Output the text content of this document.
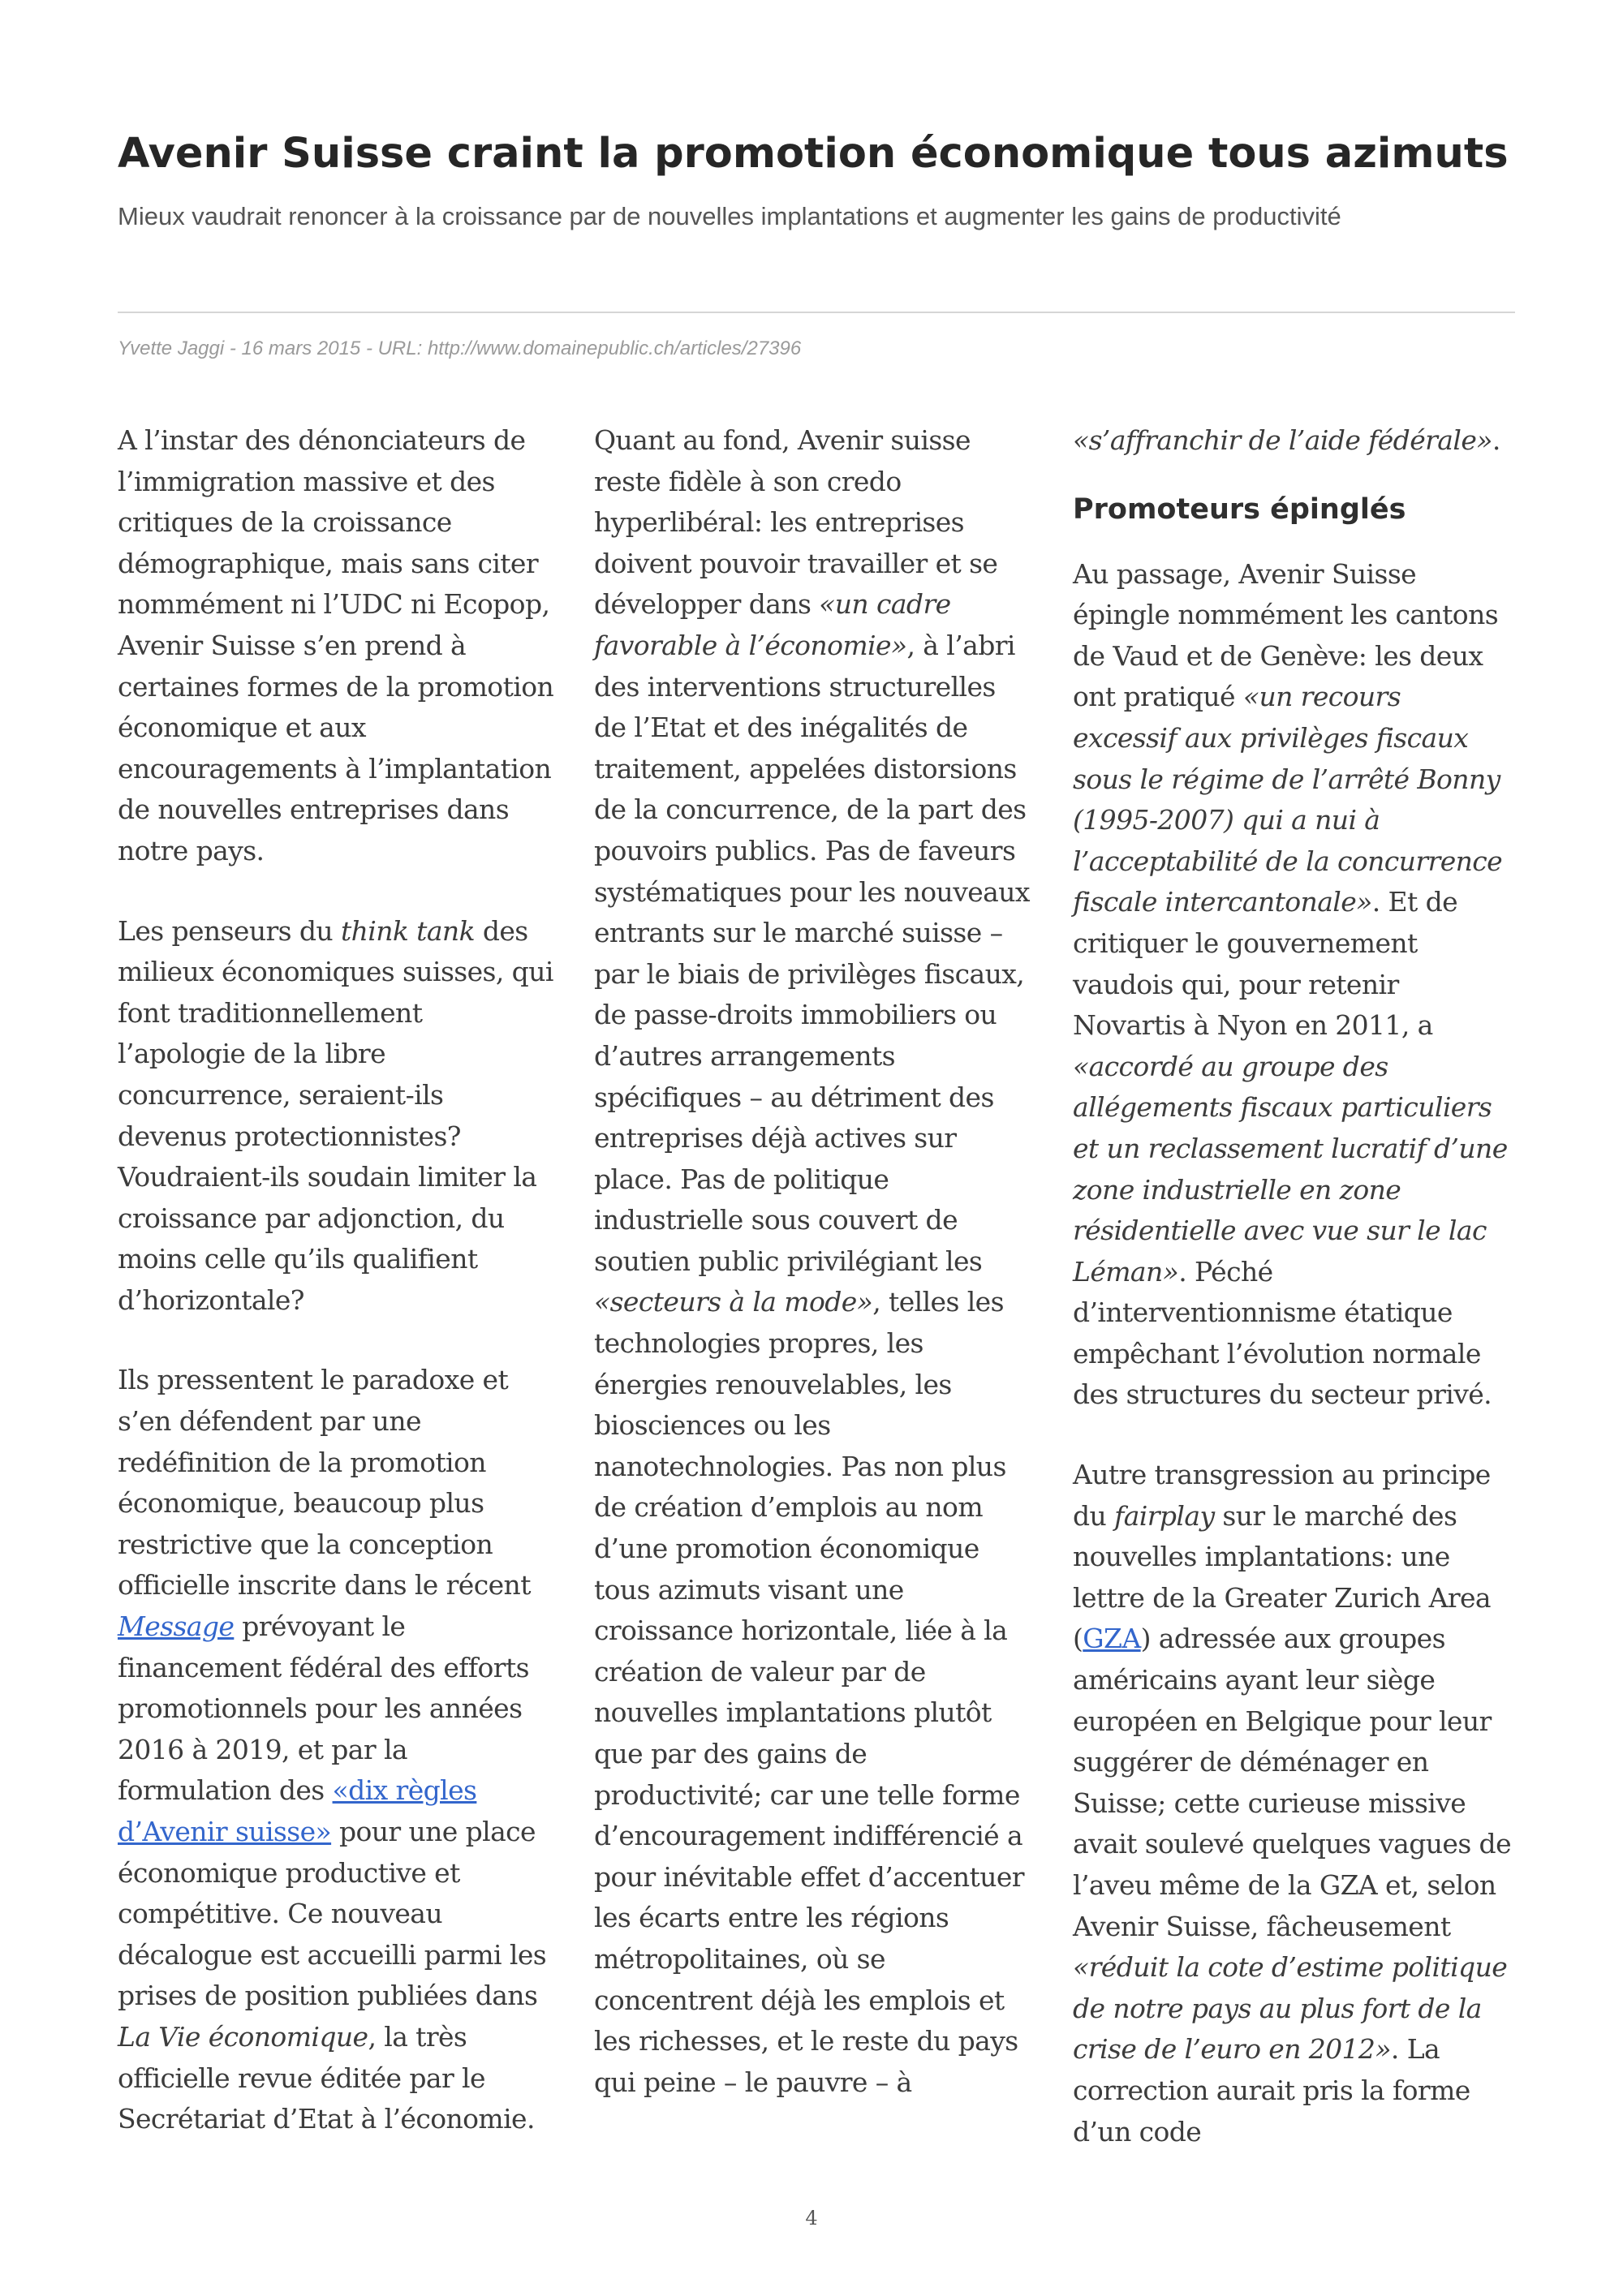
Avenir Suisse craint la promotion économique tous azimuts

Mieux vaudrait renoncer à la croissance par de nouvelles implantations et augmenter les gains de productivité

Yvette Jaggi - 16 mars 2015 - URL: http://www.domainepublic.ch/articles/27396

A l’instar des dénonciateurs de l’immigration massive et des critiques de la croissance démographique, mais sans citer nommément ni l’UDC ni Ecopop, Avenir Suisse s’en prend à certaines formes de la promotion économique et aux encouragements à l’implantation de nouvelles entreprises dans notre pays.

Les penseurs du think tank des milieux économiques suisses, qui font traditionnellement l’apologie de la libre concurrence, seraient-ils devenus protectionnistes? Voudraient-ils soudain limiter la croissance par adjonction, du moins celle qu’ils qualifient d’horizontale?

Ils pressentent le paradoxe et s’en défendent par une redéfinition de la promotion économique, beaucoup plus restrictive que la conception officielle inscrite dans le récent Message prévoyant le financement fédéral des efforts promotionnels pour les années 2016 à 2019, et par la formulation des «dix règles d’Avenir suisse» pour une place économique productive et compétitive. Ce nouveau décalogue est accueilli parmi les prises de position publiées dans La Vie économique, la très officielle revue éditée par le Secrétariat d’Etat à l’économie.

Quant au fond, Avenir suisse reste fidèle à son credo hyperlibéral: les entreprises doivent pouvoir travailler et se développer dans «un cadre favorable à l’économie», à l’abri des interventions structurelles de l’Etat et des inégalités de traitement, appelées distorsions de la concurrence, de la part des pouvoirs publics. Pas de faveurs systématiques pour les nouveaux entrants sur le marché suisse – par le biais de privilèges fiscaux, de passe-droits immobiliers ou d’autres arrangements spécifiques – au détriment des entreprises déjà actives sur place. Pas de politique industrielle sous couvert de soutien public privilégiant les «secteurs à la mode», telles les technologies propres, les énergies renouvelables, les biosciences ou les nanotechnologies. Pas non plus de création d’emplois au nom d’une promotion économique tous azimuts visant une croissance horizontale, liée à la création de valeur par de nouvelles implantations plutôt que par des gains de productivité; car une telle forme d’encouragement indifférencié a pour inévitable effet d’accentuer les écarts entre les régions métropolitaines, où se concentrent déjà les emplois et les richesses, et le reste du pays qui peine – le pauvre – à

«s’affranchir de l’aide fédérale».

Promoteurs épinglés

Au passage, Avenir Suisse épingle nommément les cantons de Vaud et de Genève: les deux ont pratiqué «un recours excessif aux privilèges fiscaux sous le régime de l’arrêté Bonny (1995-2007) qui a nui à l’acceptabilité de la concurrence fiscale intercantonale». Et de critiquer le gouvernement vaudois qui, pour retenir Novartis à Nyon en 2011, a «accordé au groupe des allégements fiscaux particuliers et un reclassement lucratif d’une zone industrielle en zone résidentielle avec vue sur le lac Léman». Péché d’interventionnisme étatique empêchant l’évolution normale des structures du secteur privé.

Autre transgression au principe du fairplay sur le marché des nouvelles implantations: une lettre de la Greater Zurich Area (GZA) adressée aux groupes américains ayant leur siège européen en Belgique pour leur suggérer de déménager en Suisse; cette curieuse missive avait soulevé quelques vagues de l’aveu même de la GZA et, selon Avenir Suisse, fâcheusement «réduit la cote d’estime politique de notre pays au plus fort de la crise de l’euro en 2012». La correction aurait pris la forme d’un code

4
